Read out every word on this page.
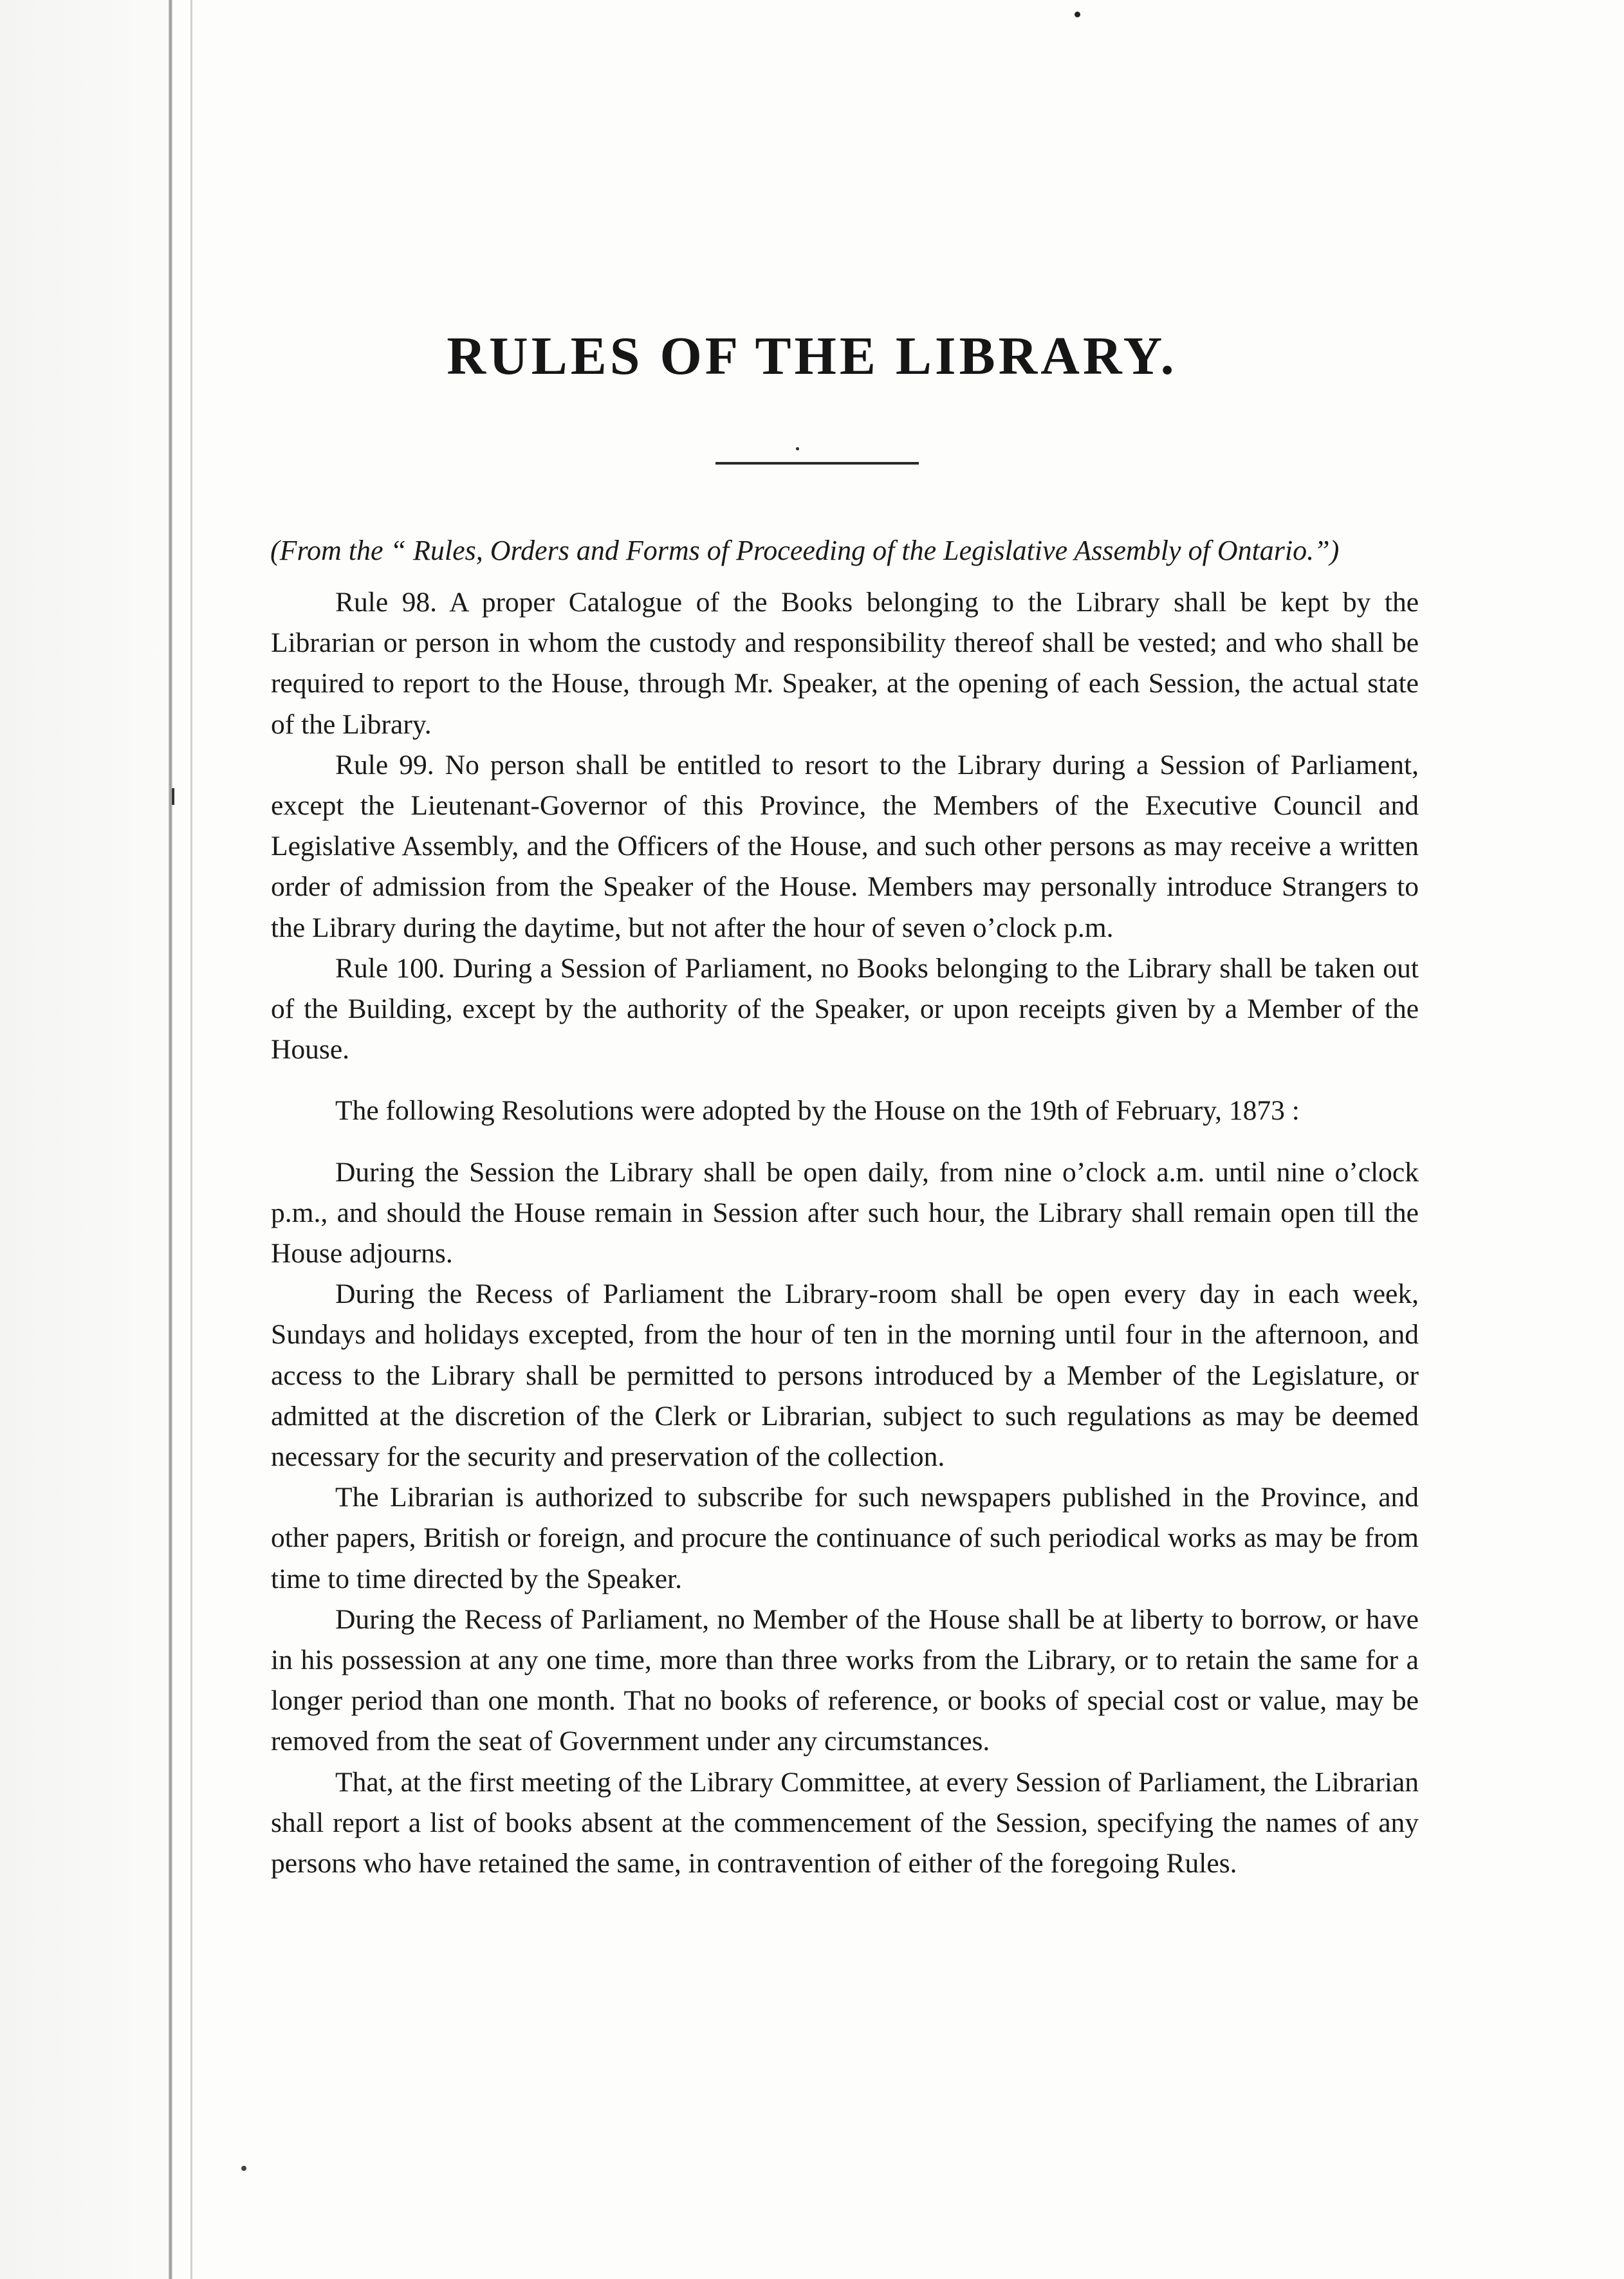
RULES OF THE LIBRARY.
(From the “ Rules, Orders and Forms of Proceeding of the Legislative Assembly of Ontario.”)

Rule 98. A proper Catalogue of the Books belonging to the Library shall be kept by the Librarian or person in whom the custody and responsibility thereof shall be vested; and who shall be required to report to the House, through Mr. Speaker, at the opening of each Session, the actual state of the Library.

Rule 99. No person shall be entitled to resort to the Library during a Session of Parliament, except the Lieutenant-Governor of this Province, the Members of the Executive Council and Legislative Assembly, and the Officers of the House, and such other persons as may receive a written order of admission from the Speaker of the House. Members may personally introduce Strangers to the Library during the daytime, but not after the hour of seven o’clock p.m.

Rule 100. During a Session of Parliament, no Books belonging to the Library shall be taken out of the Building, except by the authority of the Speaker, or upon receipts given by a Member of the House.

The following Resolutions were adopted by the House on the 19th of February, 1873 :

During the Session the Library shall be open daily, from nine o’clock a.m. until nine o’clock p.m., and should the House remain in Session after such hour, the Library shall remain open till the House adjourns.

During the Recess of Parliament the Library-room shall be open every day in each week, Sundays and holidays excepted, from the hour of ten in the morning until four in the afternoon, and access to the Library shall be permitted to persons introduced by a Member of the Legislature, or admitted at the discretion of the Clerk or Librarian, subject to such regulations as may be deemed necessary for the security and preservation of the collection.

The Librarian is authorized to subscribe for such newspapers published in the Province, and other papers, British or foreign, and procure the continuance of such periodical works as may be from time to time directed by the Speaker.

During the Recess of Parliament, no Member of the House shall be at liberty to borrow, or have in his possession at any one time, more than three works from the Library, or to retain the same for a longer period than one month. That no books of reference, or books of special cost or value, may be removed from the seat of Government under any circumstances.

That, at the first meeting of the Library Committee, at every Session of Parliament, the Librarian shall report a list of books absent at the commencement of the Session, specifying the names of any persons who have retained the same, in contravention of either of the foregoing Rules.
